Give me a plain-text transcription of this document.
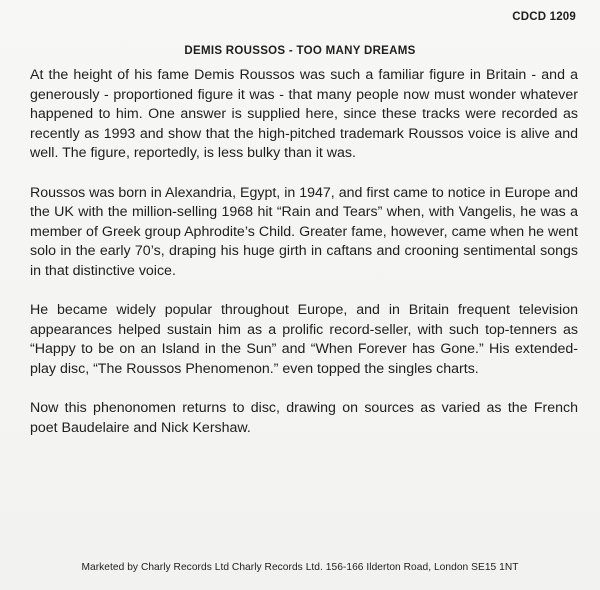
CDCD 1209
DEMIS ROUSSOS - TOO MANY DREAMS

At the height of his fame Demis Roussos was such a familiar figure in Britain - and a generously - proportioned figure it was - that many people now must wonder whatever happened to him. One answer is supplied here, since these tracks were recorded as recently as 1993 and show that the high-pitched trademark Roussos voice is alive and well. The figure, reportedly, is less bulky than it was.

Roussos was born in Alexandria, Egypt, in 1947, and first came to notice in Europe and the UK with the million-selling 1968 hit “Rain and Tears” when, with Vangelis, he was a member of Greek group Aphrodite’s Child. Greater fame, however, came when he went solo in the early 70’s, draping his huge girth in caftans and crooning sentimental songs in that distinctive voice.

He became widely popular throughout Europe, and in Britain frequent television appearances helped sustain him as a prolific record-seller, with such top-tenners as “Happy to be on an Island in the Sun” and “When Forever has Gone.” His extended-play disc, “The Roussos Phenomenon.” even topped the singles charts.

Now this phenonomen returns to disc, drawing on sources as varied as the French poet Baudelaire and Nick Kershaw.

Marketed by Charly Records Ltd Charly Records Ltd. 156-166 Ilderton Road, London SE15 1NT
